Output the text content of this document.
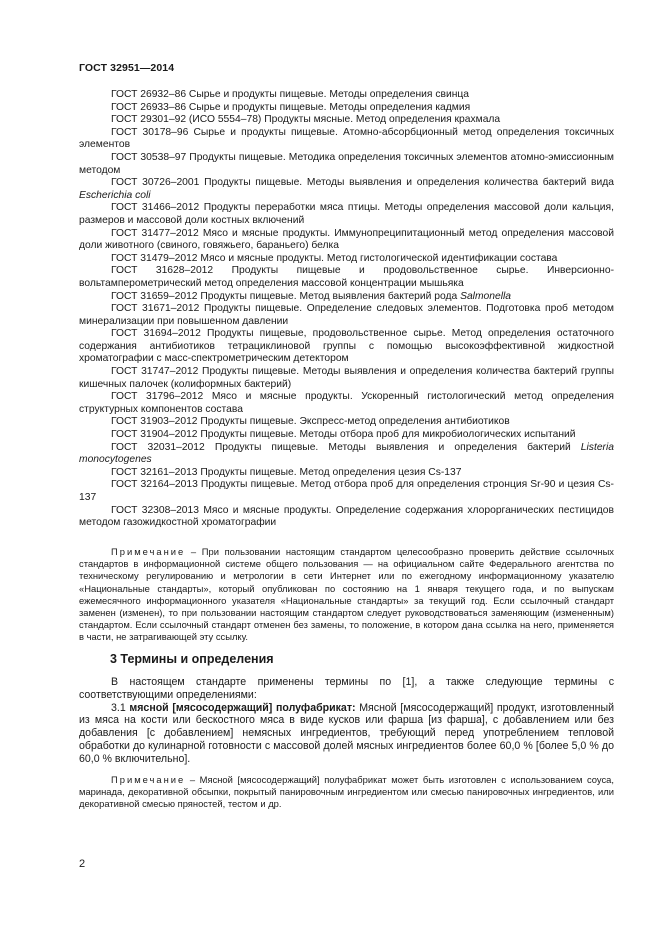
ГОСТ 32951—2014

ГОСТ 26932–86 Сырье и продукты пищевые. Методы определения свинца

ГОСТ 26933–86 Сырье и продукты пищевые. Методы определения кадмия

ГОСТ 29301–92 (ИСО 5554–78) Продукты мясные. Метод определения крахмала

ГОСТ 30178–96 Сырье и продукты пищевые. Атомно-абсорбционный метод определения токсичных элементов

ГОСТ 30538–97 Продукты пищевые. Методика определения токсичных элементов атомно-эмиссионным методом

ГОСТ 30726–2001 Продукты пищевые. Методы выявления и определения количества бактерий вида Escherichia coli

ГОСТ 31466–2012 Продукты переработки мяса птицы. Методы определения массовой доли кальция, размеров и массовой доли костных включений

ГОСТ 31477–2012 Мясо и мясные продукты. Иммунопреципитационный метод определения массовой доли животного (свиного, говяжьего, бараньего) белка

ГОСТ 31479–2012 Мясо и мясные продукты. Метод гистологической идентификации состава

ГОСТ 31628–2012 Продукты пищевые и продовольственное сырье. Инверсионно-вольтамперометрический метод определения массовой концентрации мышьяка

ГОСТ 31659–2012 Продукты пищевые. Метод выявления бактерий рода Salmonella

ГОСТ 31671–2012 Продукты пищевые. Определение следовых элементов. Подготовка проб методом минерализации при повышенном давлении

ГОСТ 31694–2012 Продукты пищевые, продовольственное сырье. Метод определения остаточного содержания антибиотиков тетрациклиновой группы с помощью высокоэффективной жидкостной хроматографии с масс-спектрометрическим детектором

ГОСТ 31747–2012 Продукты пищевые. Методы выявления и определения количества бактерий группы кишечных палочек (колиформных бактерий)

ГОСТ 31796–2012 Мясо и мясные продукты. Ускоренный гистологический метод определения структурных компонентов состава

ГОСТ 31903–2012 Продукты пищевые. Экспресс-метод определения антибиотиков

ГОСТ 31904–2012 Продукты пищевые. Методы отбора проб для микробиологических испытаний

ГОСТ 32031–2012 Продукты пищевые. Методы выявления и определения бактерий Listeria monocytogenes

ГОСТ 32161–2013 Продукты пищевые. Метод определения цезия Cs-137

ГОСТ 32164–2013 Продукты пищевые. Метод отбора проб для определения стронция Sr-90 и цезия Cs-137

ГОСТ 32308–2013 Мясо и мясные продукты. Определение содержания хлорорганических пестицидов методом газожидкостной хроматографии

Примечание – При пользовании настоящим стандартом целесообразно проверить действие ссылочных стандартов в информационной системе общего пользования — на официальном сайте Федерального агентства по техническому регулированию и метрологии в сети Интернет или по ежегодному информационному указателю «Национальные стандарты», который опубликован по состоянию на 1 января текущего года, и по выпускам ежемесячного информационного указателя «Национальные стандарты» за текущий год. Если ссылочный стандарт заменен (изменен), то при пользовании настоящим стандартом следует руководствоваться заменяющим (измененным) стандартом. Если ссылочный стандарт отменен без замены, то положение, в котором дана ссылка на него, применяется в части, не затрагивающей эту ссылку.

3 Термины и определения

В настоящем стандарте применены термины по [1], а также следующие термины с соответствующими определениями:

3.1 мясной [мясосодержащий] полуфабрикат: Мясной [мясосодержащий] продукт, изготовленный из мяса на кости или бескостного мяса в виде кусков или фарша [из фарша], с добавлением или без добавления [с добавлением] немясных ингредиентов, требующий перед употреблением тепловой обработки до кулинарной готовности с массовой долей мясных ингредиентов более 60,0 % [более 5,0 % до 60,0 % включительно].

Примечание – Мясной [мясосодержащий] полуфабрикат может быть изготовлен с использованием соуса, маринада, декоративной обсыпки, покрытый панировочным ингредиентом или смесью панировочных ингредиентов, или декоративной смесью пряностей, тестом и др.

2
